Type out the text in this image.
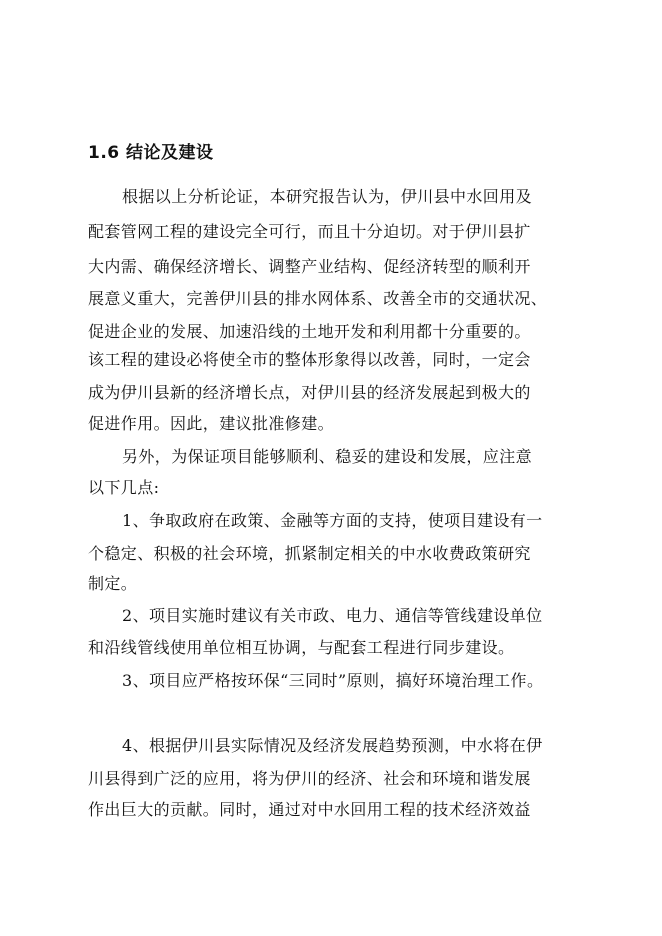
1.6 结论及建设
根据以上分析论证，本研究报告认为，伊川县中水回用及
配套管网工程的建设完全可行，而且十分迫切。对于伊川县扩
大内需、确保经济增长、调整产业结构、促经济转型的顺利开
展意义重大，完善伊川县的排水网体系、改善全市的交通状况、
促进企业的发展、加速沿线的土地开发和利用都十分重要的。
该工程的建设必将使全市的整体形象得以改善，同时，一定会
成为伊川县新的经济增长点，对伊川县的经济发展起到极大的
促进作用。因此，建议批准修建。
另外，为保证项目能够顺利、稳妥的建设和发展，应注意
以下几点:
1、争取政府在政策、金融等方面的支持，使项目建设有一
个稳定、积极的社会环境，抓紧制定相关的中水收费政策研究
制定。
2、项目实施时建议有关市政、电力、通信等管线建设单位
和沿线管线使用单位相互协调，与配套工程进行同步建设。
3、项目应严格按环保“三同时”原则，搞好环境治理工作。
4、根据伊川县实际情况及经济发展趋势预测，中水将在伊
川县得到广泛的应用，将为伊川的经济、社会和环境和谐发展
作出巨大的贡献。同时，通过对中水回用工程的技术经济效益
